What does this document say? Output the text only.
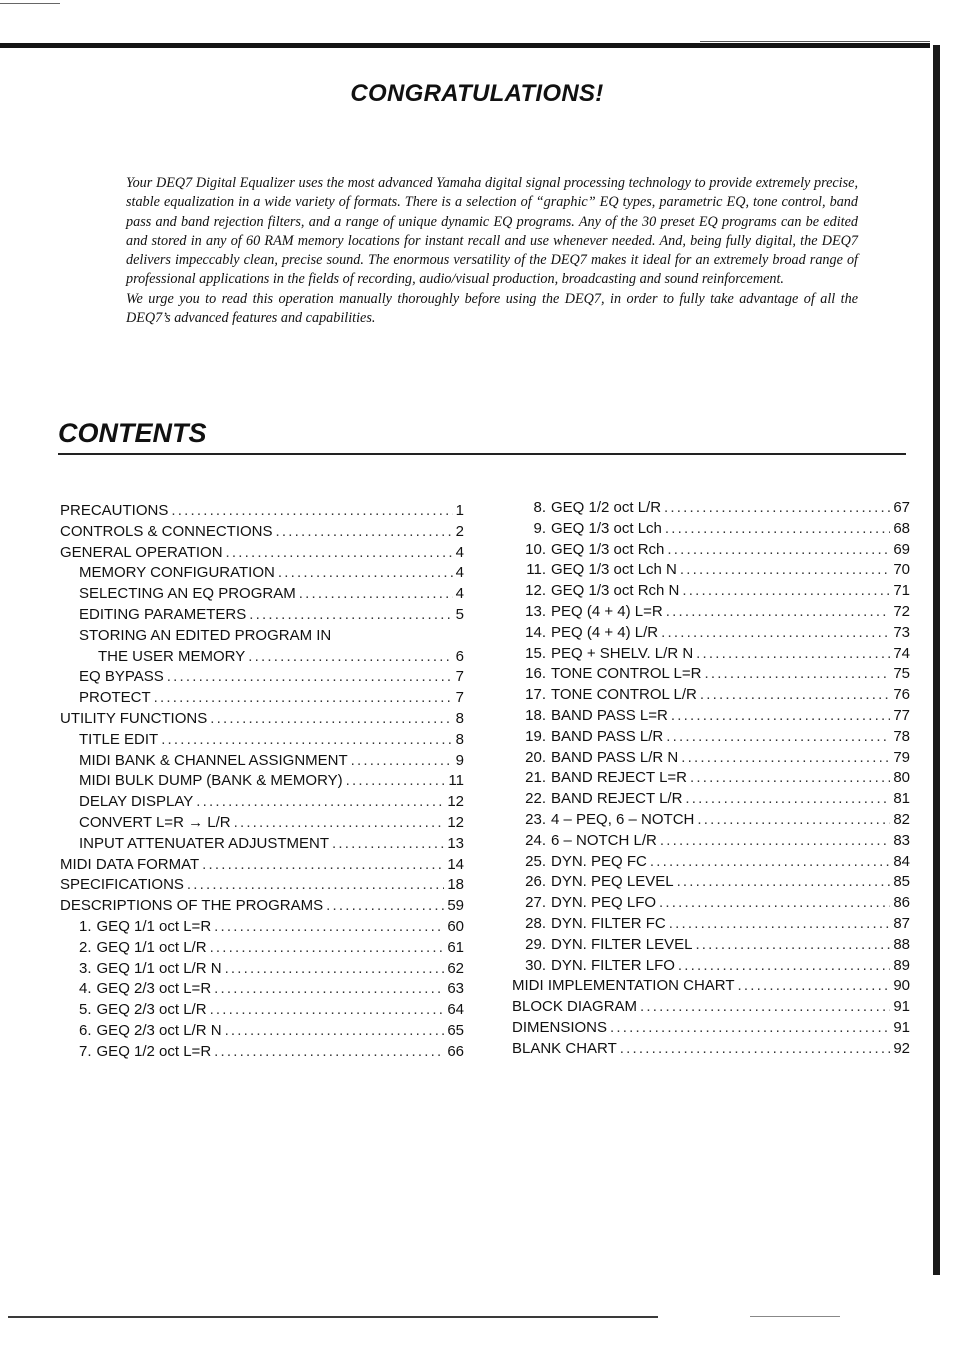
CONGRATULATIONS!

Your DEQ7 Digital Equalizer uses the most advanced Yamaha digital signal processing technology to provide extremely precise, stable equalization in a wide variety of formats. There is a selection of “graphic” EQ types, parametric EQ, tone control, band pass and band rejection filters, and a range of unique dynamic EQ programs. Any of the 30 preset EQ programs can be edited and stored in any of 60 RAM memory locations for instant recall and use whenever needed. And, being fully digital, the DEQ7 delivers impeccably clean, precise sound. The enormous versatility of the DEQ7 makes it ideal for an extremely broad range of professional applications in the fields of recording, audio/visual production, broadcasting and sound reinforcement.

We urge you to read this operation manually thoroughly before using the DEQ7, in order to fully take advantage of all the DEQ7’s advanced features and capabilities.

CONTENTS
PRECAUTIONS .....	1
CONTROLS & CONNECTIONS .....	2
GENERAL OPERATION .....	4
MEMORY CONFIGURATION .....	4
SELECTING AN EQ PROGRAM .....	4
EDITING PARAMETERS .....	5
STORING AN EDITED PROGRAM IN
THE USER MEMORY .....	6
EQ BYPASS .....	7
PROTECT .....	7
UTILITY FUNCTIONS .....	8
TITLE EDIT .....	8
MIDI BANK & CHANNEL ASSIGNMENT .....	9
MIDI BULK DUMP (BANK & MEMORY) .....	11
DELAY DISPLAY .....	12
CONVERT L=R → L/R .....	12
INPUT ATTENUATER ADJUSTMENT .....	13
MIDI DATA FORMAT .....	14
SPECIFICATIONS .....	18
DESCRIPTIONS OF THE PROGRAMS .....	59
1. GEQ 1/1 oct L=R .....	60
2. GEQ 1/1 oct L/R .....	61
3. GEQ 1/1 oct L/R N .....	62
4. GEQ 2/3 oct L=R .....	63
5. GEQ 2/3 oct L/R .....	64
6. GEQ 2/3 oct L/R N .....	65
7. GEQ 1/2 oct L=R .....	66
8. GEQ 1/2 oct L/R .....	67
9. GEQ 1/3 oct Lch .....	68
10. GEQ 1/3 oct Rch .....	69
11. GEQ 1/3 oct Lch N .....	70
12. GEQ 1/3 oct Rch N .....	71
13. PEQ (4 + 4) L=R .....	72
14. PEQ (4 + 4) L/R .....	73
15. PEQ + SHELV. L/R N .....	74
16. TONE CONTROL L=R .....	75
17. TONE CONTROL L/R .....	76
18. BAND PASS L=R .....	77
19. BAND PASS L/R .....	78
20. BAND PASS L/R N .....	79
21. BAND REJECT L=R .....	80
22. BAND REJECT L/R .....	81
23. 4 – PEQ, 6 – NOTCH .....	82
24. 6 – NOTCH L/R .....	83
25. DYN. PEQ FC .....	84
26. DYN. PEQ LEVEL .....	85
27. DYN. PEQ LFO .....	86
28. DYN. FILTER FC .....	87
29. DYN. FILTER LEVEL .....	88
30. DYN. FILTER LFO .....	89
MIDI IMPLEMENTATION CHART .....	90
BLOCK DIAGRAM .....	91
DIMENSIONS .....	91
BLANK CHART .....	92
